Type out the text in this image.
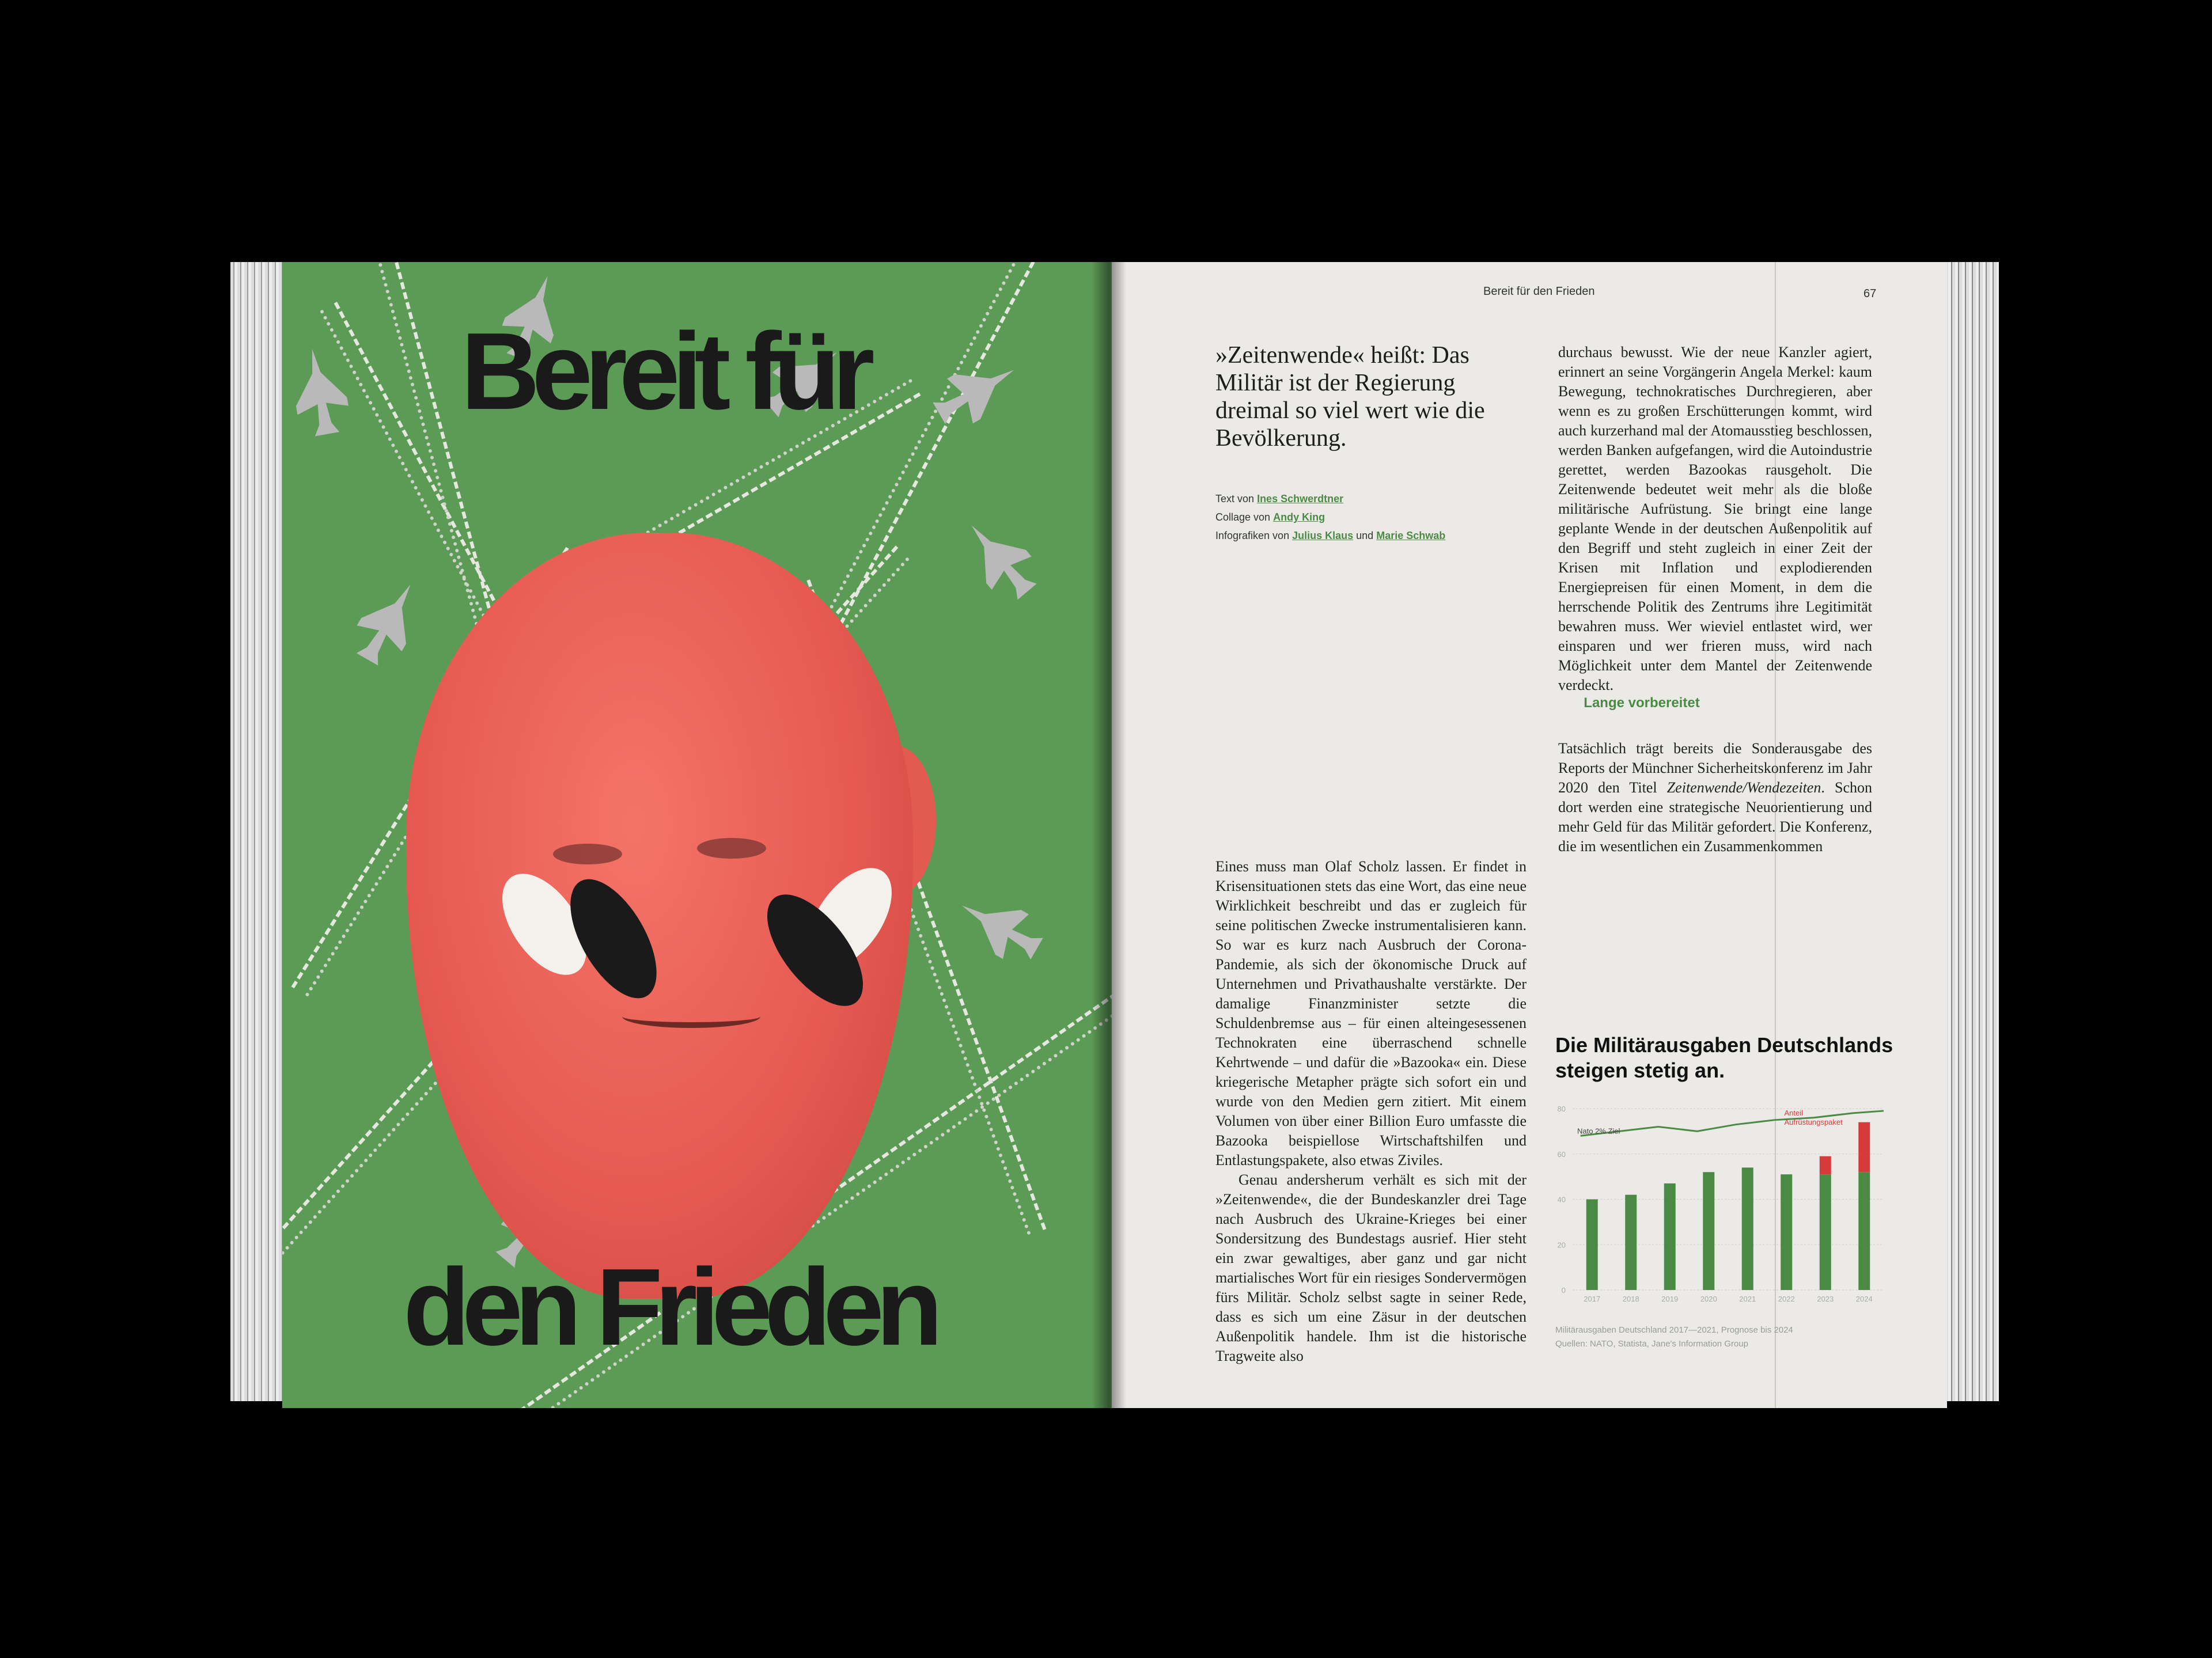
Bereit für
den Frieden
Bereit für den Frieden	67
»Zeitenwende« heißt: Das Militär ist der Regierung dreimal so viel wert wie die Bevölkerung.
Text von Ines Schwerdtner
Collage von Andy King
Infografiken von Julius Klaus und Marie Schwab
Eines muss man Olaf Scholz lassen. Er findet in Krisensituationen stets das eine Wort, das eine neue Wirklichkeit beschreibt und das er zugleich für seine politischen Zwecke instrumentalisieren kann. So war es kurz nach Ausbruch der Corona-Pandemie, als sich der ökonomische Druck auf Unternehmen und Privathaushalte verstärkte. Der damalige Finanzminister setzte die Schuldenbremse aus – für einen alteingesessenen Technokraten eine überraschend schnelle Kehrtwende – und dafür die »Bazooka« ein. Diese kriegerische Metapher prägte sich sofort ein und wurde von den Medien gern zitiert. Mit einem Volumen von über einer Billion Euro umfasste die Bazooka beispiellose Wirtschaftshilfen und Entlastungspakete, also etwas Ziviles.
Genau andersherum verhält es sich mit der »Zeitenwende«, die der Bundeskanzler drei Tage nach Ausbruch des Ukraine-Krieges bei einer Sondersitzung des Bundestags ausrief. Hier steht ein zwar gewaltiges, aber ganz und gar nicht martialisches Wort für ein riesiges Sondervermögen fürs Militär. Scholz selbst sagte in seiner Rede, dass es sich um eine Zäsur in der deutschen Außenpolitik handele. Ihm ist die historische Tragweite also
durchaus bewusst. Wie der neue Kanzler agiert, erinnert an seine Vorgängerin Angela Merkel: kaum Bewegung, technokratisches Durchregieren, aber wenn es zu großen Erschütterungen kommt, wird auch kurzerhand mal der Atomausstieg beschlossen, werden Banken aufgefangen, wird die Autoindustrie gerettet, werden Bazookas rausgeholt. Die Zeitenwende bedeutet weit mehr als die bloße militärische Aufrüstung. Sie bringt eine lange geplante Wende in der deutschen Außenpolitik auf den Begriff und steht zugleich in einer Zeit der Krisen mit Inflation und explodierenden Energiepreisen für einen Moment, in dem die herrschende Politik des Zentrums ihre Legitimität bewahren muss. Wer wieviel entlastet wird, wer einsparen und wer frieren muss, wird nach Möglichkeit unter dem Mantel der Zeitenwende verdeckt.
Lange vorbereitet
Tatsächlich trägt bereits die Sonderausgabe des Reports der Münchner Sicherheitskonferenz im Jahr 2020 den Titel Zeitenwende/Wendezeiten. Schon dort werden eine strategische Neuorientierung und mehr Geld für das Militär gefordert. Die Konferenz, die im wesentlichen ein Zusammenkommen
Die Militärausgaben Deutschlands steigen stetig an.
0
20
40
60
80
2017	2018	2019	2020	2021	2022	2023	2024
Nato 2% Ziel
Anteil
Aufrüstungspaket
Militärausgaben Deutschland 2017—2021, Prognose bis 2024
Quellen: NATO, Statista, Jane's Information Group
